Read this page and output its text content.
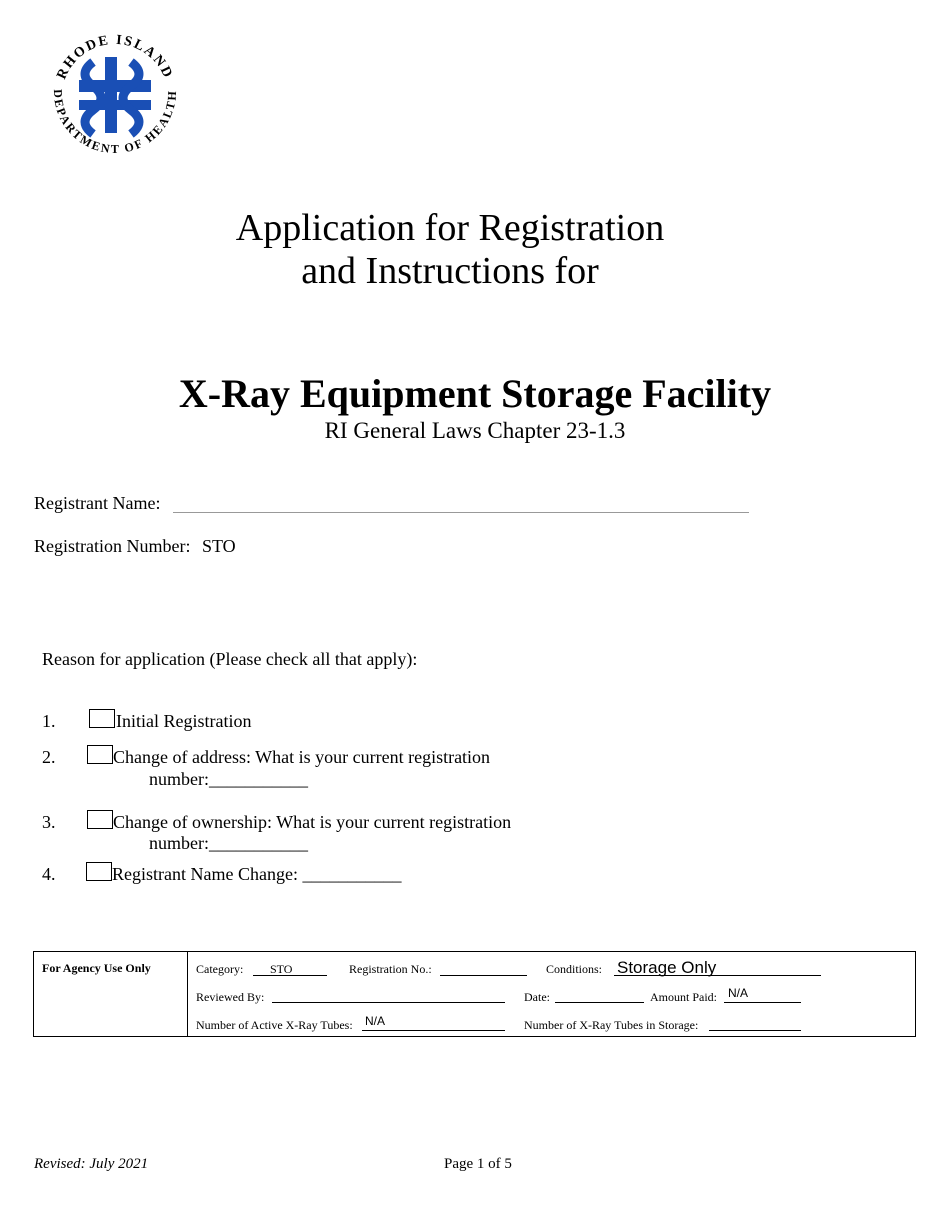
RHODE ISLAND
DEPARTMENT OF HEALTH
Application for Registration
and Instructions for
X-Ray Equipment Storage Facility
RI General Laws Chapter 23-1.3
Registrant Name:
Registration Number: STO
Reason for application (Please check all that apply):
1.	Initial Registration
2.	Change of address: What is your current registration
number:___________
3.	Change of ownership: What is your current registration
number:___________
4.	Registrant Name Change: ___________
For Agency Use Only	Category: STO	Registration No.:	Conditions: Storage Only
Reviewed By:	Date:	Amount Paid: N/A
Number of Active X-Ray Tubes: N/A	Number of X-Ray Tubes in Storage:
Revised: July 2021	Page 1 of 5
